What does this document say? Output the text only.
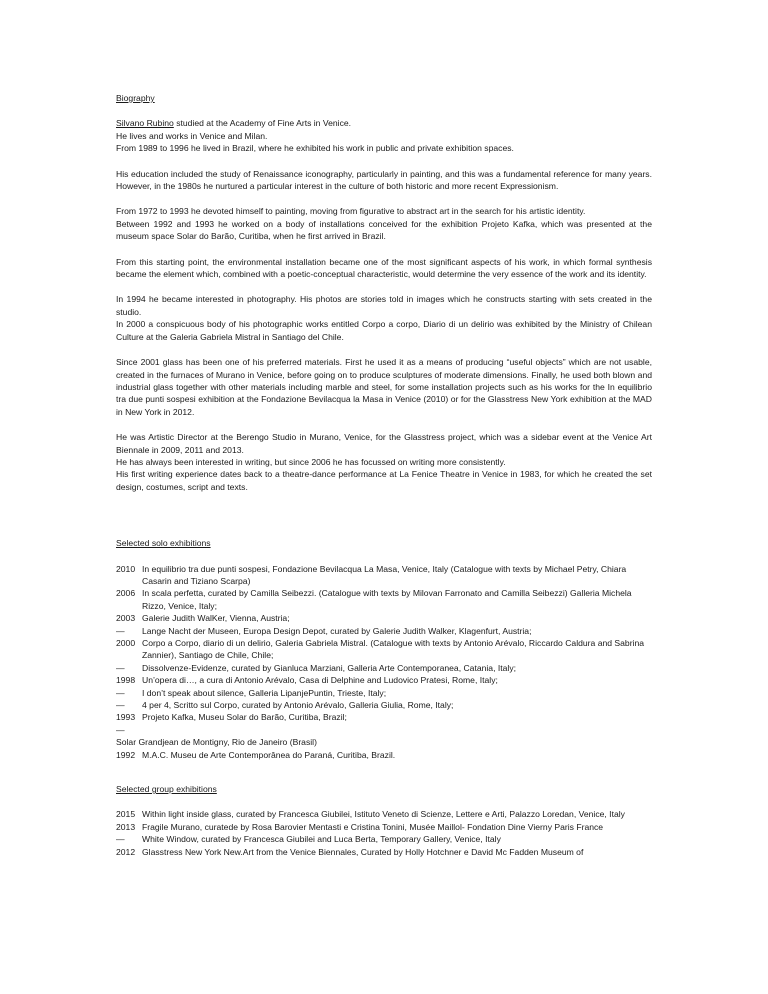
Biography

Silvano Rubino studied at the Academy of Fine Arts in Venice.
He lives and works in Venice and Milan.
From 1989 to 1996 he lived in Brazil, where he exhibited his work in public and private exhibition spaces.
His education included the study of Renaissance iconography, particularly in painting, and this was a fundamental reference for many years. However, in the 1980s he nurtured a particular interest in the culture of both historic and more recent Expressionism.
From 1972 to 1993 he devoted himself to painting, moving from figurative to abstract art in the search for his artistic identity.
Between 1992 and 1993 he worked on a body of installations conceived for the exhibition Projeto Kafka, which was presented at the museum space Solar do Barão, Curitiba, when he first arrived in Brazil.
From this starting point, the environmental installation became one of the most significant aspects of his work, in which formal synthesis became the element which, combined with a poetic-conceptual characteristic, would determine the very essence of the work and its identity.
In 1994 he became interested in photography. His photos are stories told in images which he constructs starting with sets created in the studio.
In 2000 a conspicuous body of his photographic works entitled Corpo a corpo, Diario di un delirio was exhibited by the Ministry of Chilean Culture at the Galeria Gabriela Mistral in Santiago del Chile.
Since 2001 glass has been one of his preferred materials. First he used it as a means of producing “useful objects” which are not usable, created in the furnaces of Murano in Venice, before going on to produce sculptures of moderate dimensions. Finally, he used both blown and industrial glass together with other materials including marble and steel, for some installation projects such as his works for the In equilibrio tra due punti sospesi exhibition at the Fondazione Bevilacqua la Masa in Venice (2010) or for the Glasstress New York exhibition at the MAD in New York in 2012.
He was Artistic Director at the Berengo Studio in Murano, Venice, for the Glasstress project, which was a sidebar event at the Venice Art Biennale in 2009, 2011 and 2013.
He has always been interested in writing, but since 2006 he has focussed on writing more consistently.
His first writing experience dates back to a theatre-dance performance at La Fenice Theatre in Venice in 1983, for which he created the set design, costumes, script and texts.

Selected solo exhibitions

2010 In equilibrio tra due punti sospesi, Fondazione Bevilacqua La Masa, Venice, Italy (Catalogue with texts by Michael Petry, Chiara Casarin and Tiziano Scarpa)
2006 In scala perfetta, curated by Camilla Seibezzi. (Catalogue with texts by Milovan Farronato and Camilla Seibezzi) Galleria Michela Rizzo, Venice, Italy;
2003 Galerie Judith WalKer, Vienna, Austria;
—	Lange Nacht der Museen, Europa Design Depot, curated by Galerie Judith Walker, Klagenfurt, Austria;
2000 Corpo a Corpo, diario di un delirio, Galeria Gabriela Mistral. (Catalogue with texts by Antonio Arévalo, Riccardo Caldura and Sabrina Zannier), Santiago de Chile, Chile;
—	Dissolvenze-Evidenze, curated by Gianluca Marziani, Galleria Arte Contemporanea, Catania, Italy;
1998 Un’opera di…, a cura di Antonio Arévalo, Casa di Delphine and Ludovico Pratesi, Rome, Italy;
—	I don’t speak about silence, Galleria LipanjePuntin, Trieste, Italy;
—	4 per 4, Scritto sul Corpo, curated by Antonio Arévalo, Galleria Giulia, Rome, Italy;
1993 Projeto Kafka, Museu Solar do Barão, Curitiba, Brazil;
—
Solar Grandjean de Montigny, Rio de Janeiro (Brasil)
1992 M.A.C. Museu de Arte Contemporânea do Paraná, Curitiba, Brazil.

Selected group exhibitions

2015 Within light inside glass, curated by Francesca Giubilei, Istituto Veneto di Scienze, Lettere e Arti, Palazzo Loredan, Venice, Italy
2013 Fragile Murano, curatede by Rosa Barovier Mentasti e Cristina Tonini, Musée Maillol- Fondation Dine Vierny Paris France
—	White Window, curated by Francesca Giubilei and Luca Berta, Temporary Gallery, Venice, Italy
2012 Glasstress New York New.Art from the Venice Biennales, Curated by Holly Hotchner e David Mc Fadden Museum of
